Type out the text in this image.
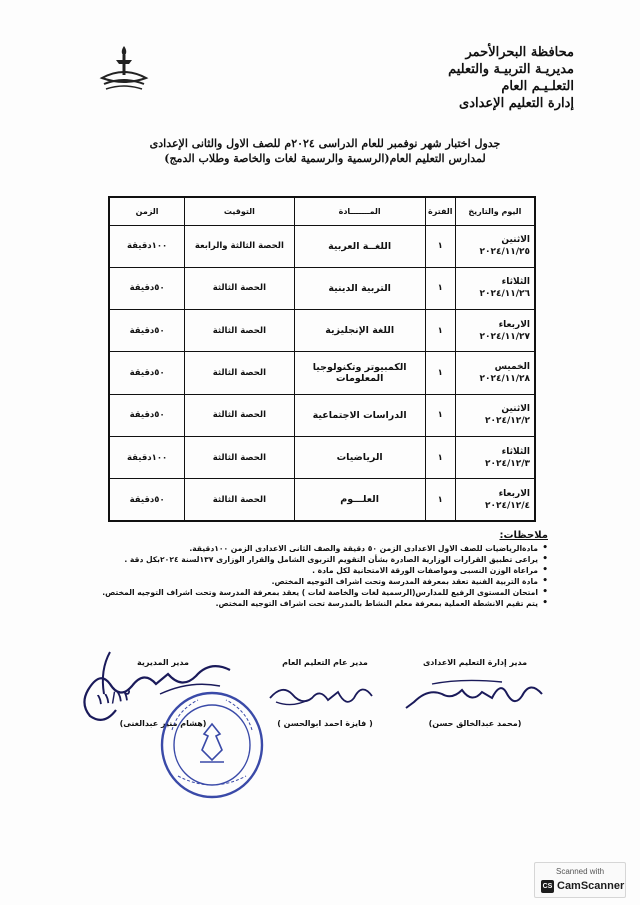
محافظة البحرالأحمر
مديريـة التربيـة والتعليم
التعلـيـم العام
إدارة التعليم الإعدادى
جدول اختبار شهر نوفمبر للعام الدراسى ٢٠٢٤م للصف الاول والثانى الإعدادى
لمدارس التعليم العام(الرسمية والرسمية لغات والخاصة وطلاب الدمج)
اليوم والتاريخ	الفترة	المـــــــادة	التوقيت	الزمن

الاثنين
٢٠٢٤/١١/٢٥	١	اللغــة العربية	الحصة الثالثة والرابعة	١٠٠دقيقة

الثلاثاء
٢٠٢٤/١١/٢٦	١	التربية الدينية	الحصة الثالثة	٥٠دقيقة

الاربعاء
٢٠٢٤/١١/٢٧	١	اللغة الإنجليزية	الحصة الثالثة	٥٠دقيقة

الخميس
٢٠٢٤/١١/٢٨	١	الكمبيوتر وتكنولوجيا المعلومات	الحصة الثالثة	٥٠دقيقة

الاثنين
٢٠٢٤/١٢/٢	١	الدراسات الاجتماعية	الحصة الثالثة	٥٠دقيقة

الثلاثاء
٢٠٢٤/١٢/٣	١	الرياضيات	الحصة الثالثة	١٠٠دقيقة

الاربعاء
٢٠٢٤/١٢/٤	١	العلـــوم	الحصة الثالثة	٥٠دقيقة
ملاحظات:
• مادةالرياضيات للصف الاول الاعدادى الزمن ٥٠ دقيقة والصف الثانى الاعدادى الزمن ١٠٠دقيقة.
• يراعى تطبيق القرارات الوزارية الصادرة بشأن التقويم التربوى الشامل والقرار الوزارى ١٣٧لسنة ٢٠٢٤بكل دقة .
• مراعاة الوزن النسبى ومواصفات الورقة الامتحانية لكل مادة .
• مادة التربية الفنية تعقد بمعرفة المدرسة وتحت اشراف التوجيه المختص.
• امتحان المستوى الرفيع للمدارس(الرسمية لغات والخاصة لغات ) يعقد بمعرفة المدرسة وتحت اشراف التوجيه المختص.
• يتم تقيم الانشطة العملية بمعرفة معلم النشاط بالمدرسة تحت اشراف التوجيه المختص.
مدير إدارة التعليم الاعدادى
(محمد عبدالخالق حسن)
مدير عام التعليم العام
( فايزة احمد ابوالحسن )
مدير المديرية
(هشام منير عبدالغنى)
١١/١٢
Scanned with
CS CamScanner
